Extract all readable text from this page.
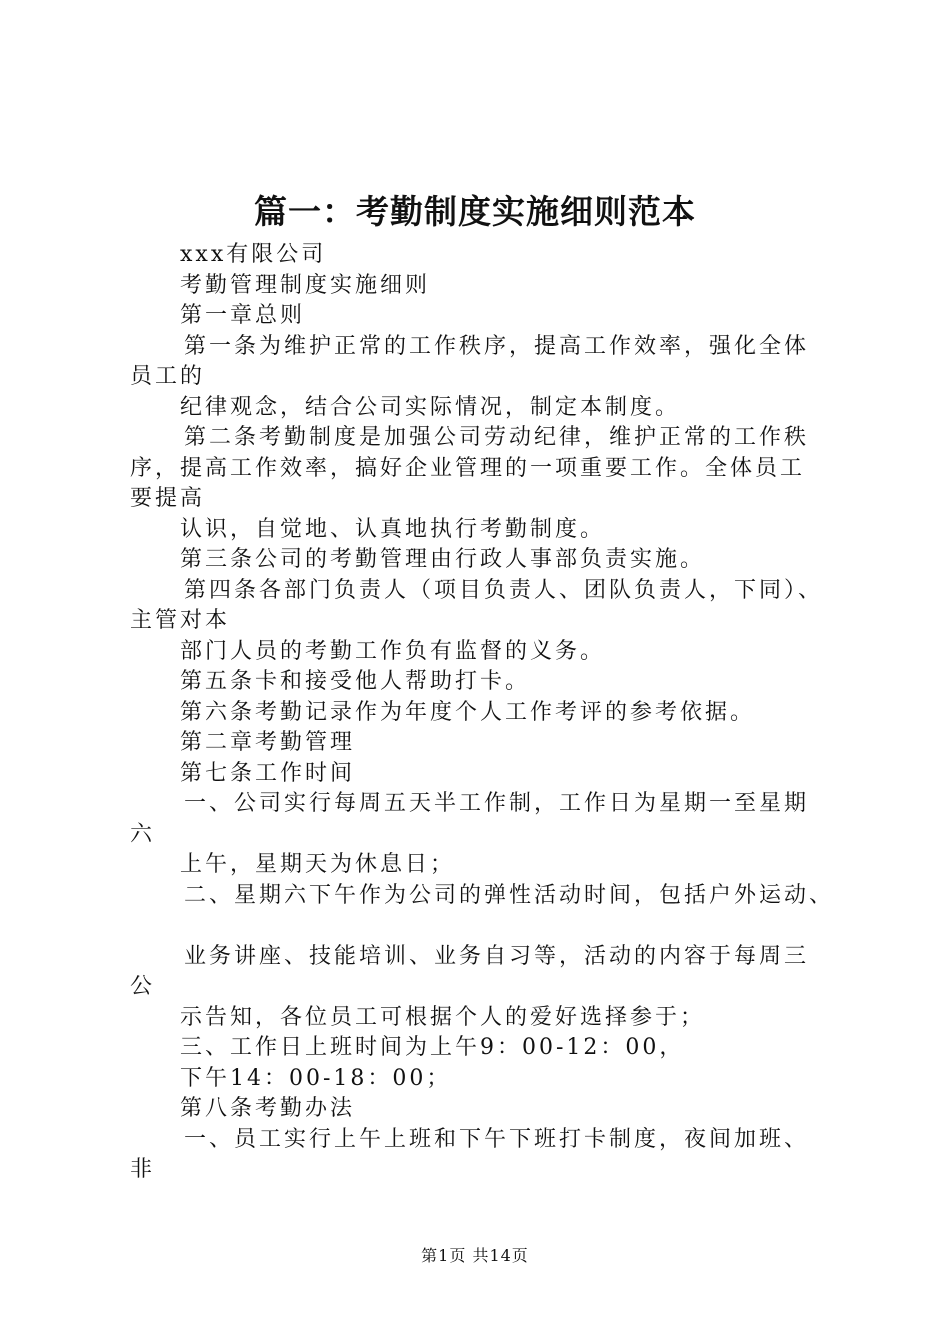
篇一：考勤制度实施细则范本
xxx有限公司
考勤管理制度实施细则
第一章总则
第一条为维护正常的工作秩序，提高工作效率，强化全体
员工的
纪律观念，结合公司实际情况，制定本制度。
第二条考勤制度是加强公司劳动纪律，维护正常的工作秩
序，提高工作效率，搞好企业管理的一项重要工作。全体员工
要提高
认识，自觉地、认真地执行考勤制度。
第三条公司的考勤管理由行政人事部负责实施。
第四条各部门负责人（项目负责人、团队负责人，下同）、
主管对本
部门人员的考勤工作负有监督的义务。
第五条卡和接受他人帮助打卡。
第六条考勤记录作为年度个人工作考评的参考依据。
第二章考勤管理
第七条工作时间
一、公司实行每周五天半工作制，工作日为星期一至星期
六
上午，星期天为休息日；
二、星期六下午作为公司的弹性活动时间，包括户外运动、
业务讲座、技能培训、业务自习等，活动的内容于每周三
公
示告知，各位员工可根据个人的爱好选择参于；
三、工作日上班时间为上午9：00-12：00，
下午14：00-18：00；
第八条考勤办法
一、员工实行上午上班和下午下班打卡制度，夜间加班、
非
第1页 共14页
